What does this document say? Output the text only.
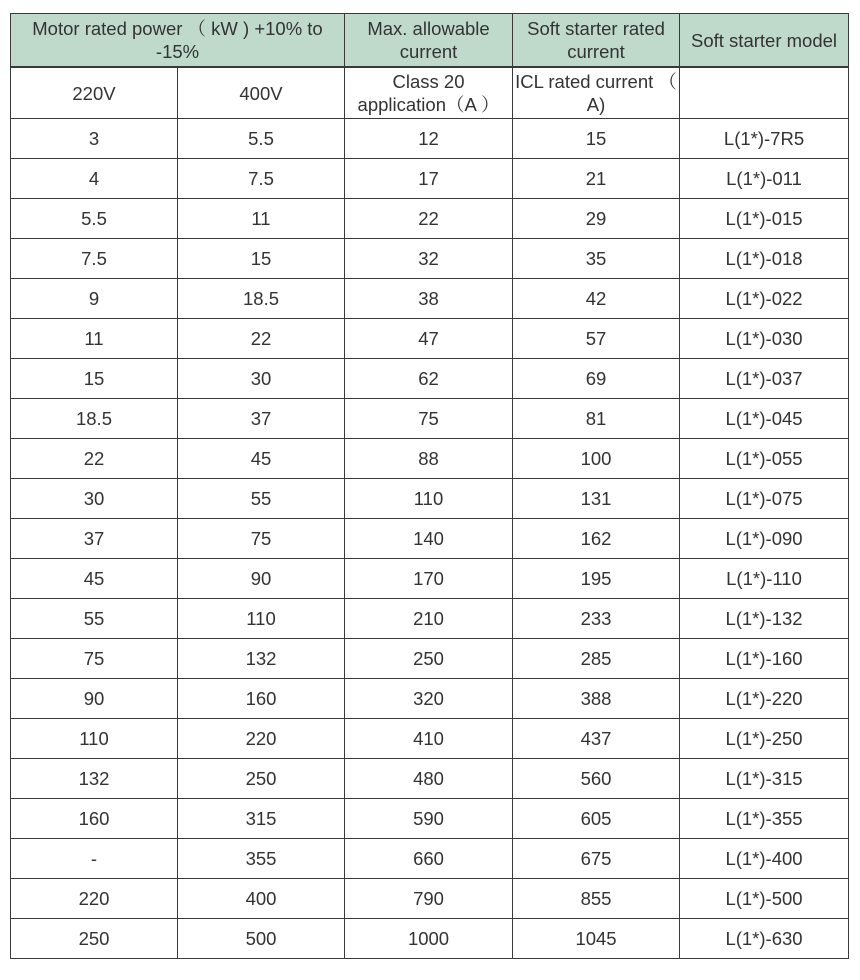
Motor rated power （ kW ) +10% to -15%		Max. allowable current	Soft starter rated current	Soft starter model
220V	400V	Class 20 application（A ）	ICL rated current （ A)	
3	5.5	12	15	L(1*)-7R5
4	7.5	17	21	L(1*)-011
5.5	11	22	29	L(1*)-015
7.5	15	32	35	L(1*)-018
9	18.5	38	42	L(1*)-022
11	22	47	57	L(1*)-030
15	30	62	69	L(1*)-037
18.5	37	75	81	L(1*)-045
22	45	88	100	L(1*)-055
30	55	110	131	L(1*)-075
37	75	140	162	L(1*)-090
45	90	170	195	L(1*)-110
55	110	210	233	L(1*)-132
75	132	250	285	L(1*)-160
90	160	320	388	L(1*)-220
110	220	410	437	L(1*)-250
132	250	480	560	L(1*)-315
160	315	590	605	L(1*)-355
-	355	660	675	L(1*)-400
220	400	790	855	L(1*)-500
250	500	1000	1045	L(1*)-630
